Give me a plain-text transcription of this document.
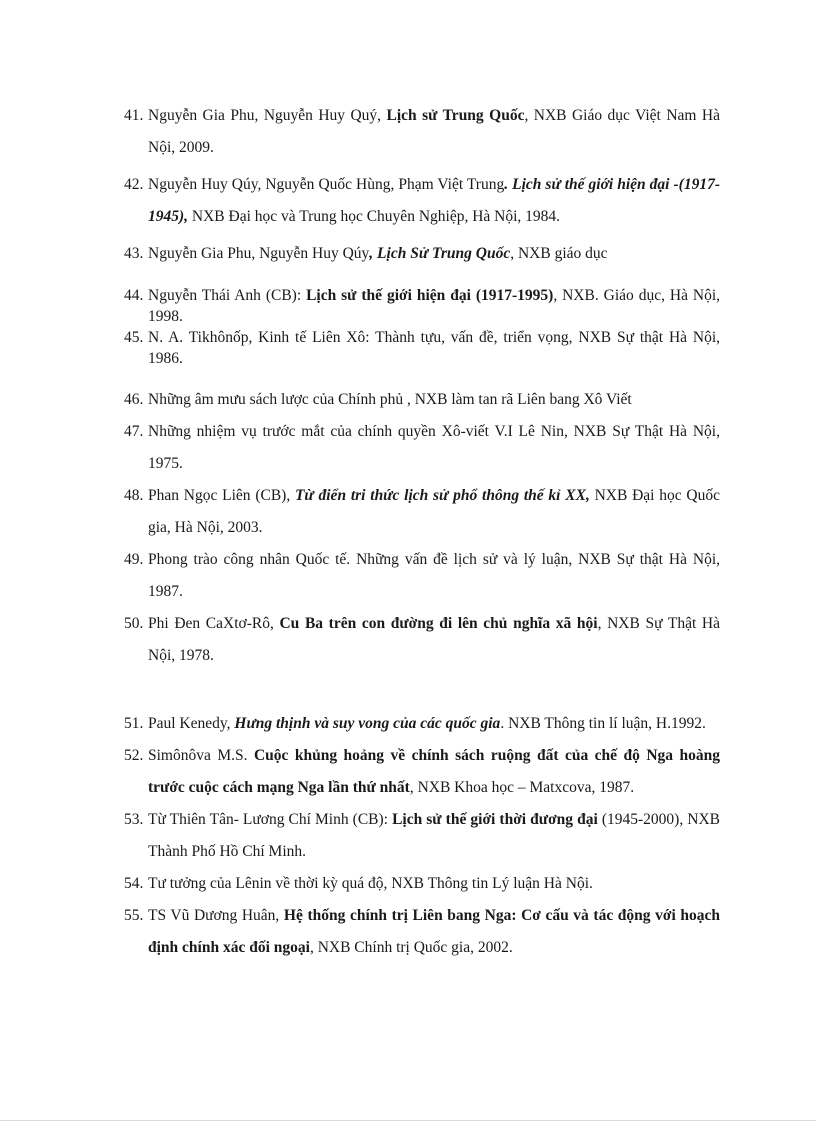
41. Nguyễn Gia Phu, Nguyễn Huy Quý, Lịch sử Trung Quốc, NXB Giáo dục Việt Nam Hà Nội, 2009.
42. Nguyễn Huy Qúy, Nguyễn Quốc Hùng, Phạm Việt Trung. Lịch sử thế giới hiện đại -(1917-1945), NXB Đại học và Trung học Chuyên Nghiệp, Hà Nội, 1984.
43. Nguyễn Gia Phu, Nguyễn Huy Qúy, Lịch Sử Trung Quốc, NXB giáo dục
44. Nguyễn Thái Anh (CB): Lịch sử thế giới hiện đại (1917-1995), NXB. Giáo dục, Hà Nội, 1998.
45. N. A. Tikhônốp, Kinh tế Liên Xô: Thành tựu, vấn đề, triển vọng, NXB Sự thật Hà Nội, 1986.
46. Những âm mưu sách lược của Chính phủ , NXB làm tan rã Liên bang Xô Viết
47. Những nhiệm vụ trước mắt của chính quyền Xô-viết V.I Lê Nin, NXB Sự Thật Hà Nội, 1975.
48. Phan Ngọc Liên (CB), Từ điển tri thức lịch sử phổ thông thế kỉ XX, NXB Đại học Quốc gia, Hà Nội, 2003.
49. Phong trào công nhân Quốc tế. Những vấn đề lịch sử và lý luận, NXB Sự thật Hà Nội, 1987.
50. Phi Đen CaXtơ-Rô, Cu Ba trên con đường đi lên chủ nghĩa xã hội, NXB Sự Thật Hà Nội, 1978.
51. Paul Kenedy, Hưng thịnh và suy vong của các quốc gia. NXB Thông tin lí luận, H.1992.
52. Simônôva M.S. Cuộc khủng hoảng về chính sách ruộng đất của chế độ Nga hoàng trước cuộc cách mạng Nga lần thứ nhất, NXB Khoa học – Matxcova, 1987.
53. Từ Thiên Tân- Lương Chí Minh (CB): Lịch sử thế giới thời đương đại (1945-2000), NXB Thành Phố Hồ Chí Minh.
54. Tư tưởng của Lênin về thời kỳ quá độ, NXB Thông tin Lý luận Hà Nội.
55. TS Vũ Dương Huân, Hệ thống chính trị Liên bang Nga: Cơ cấu và tác động với hoạch định chính xác đối ngoại, NXB Chính trị Quốc gia, 2002.
